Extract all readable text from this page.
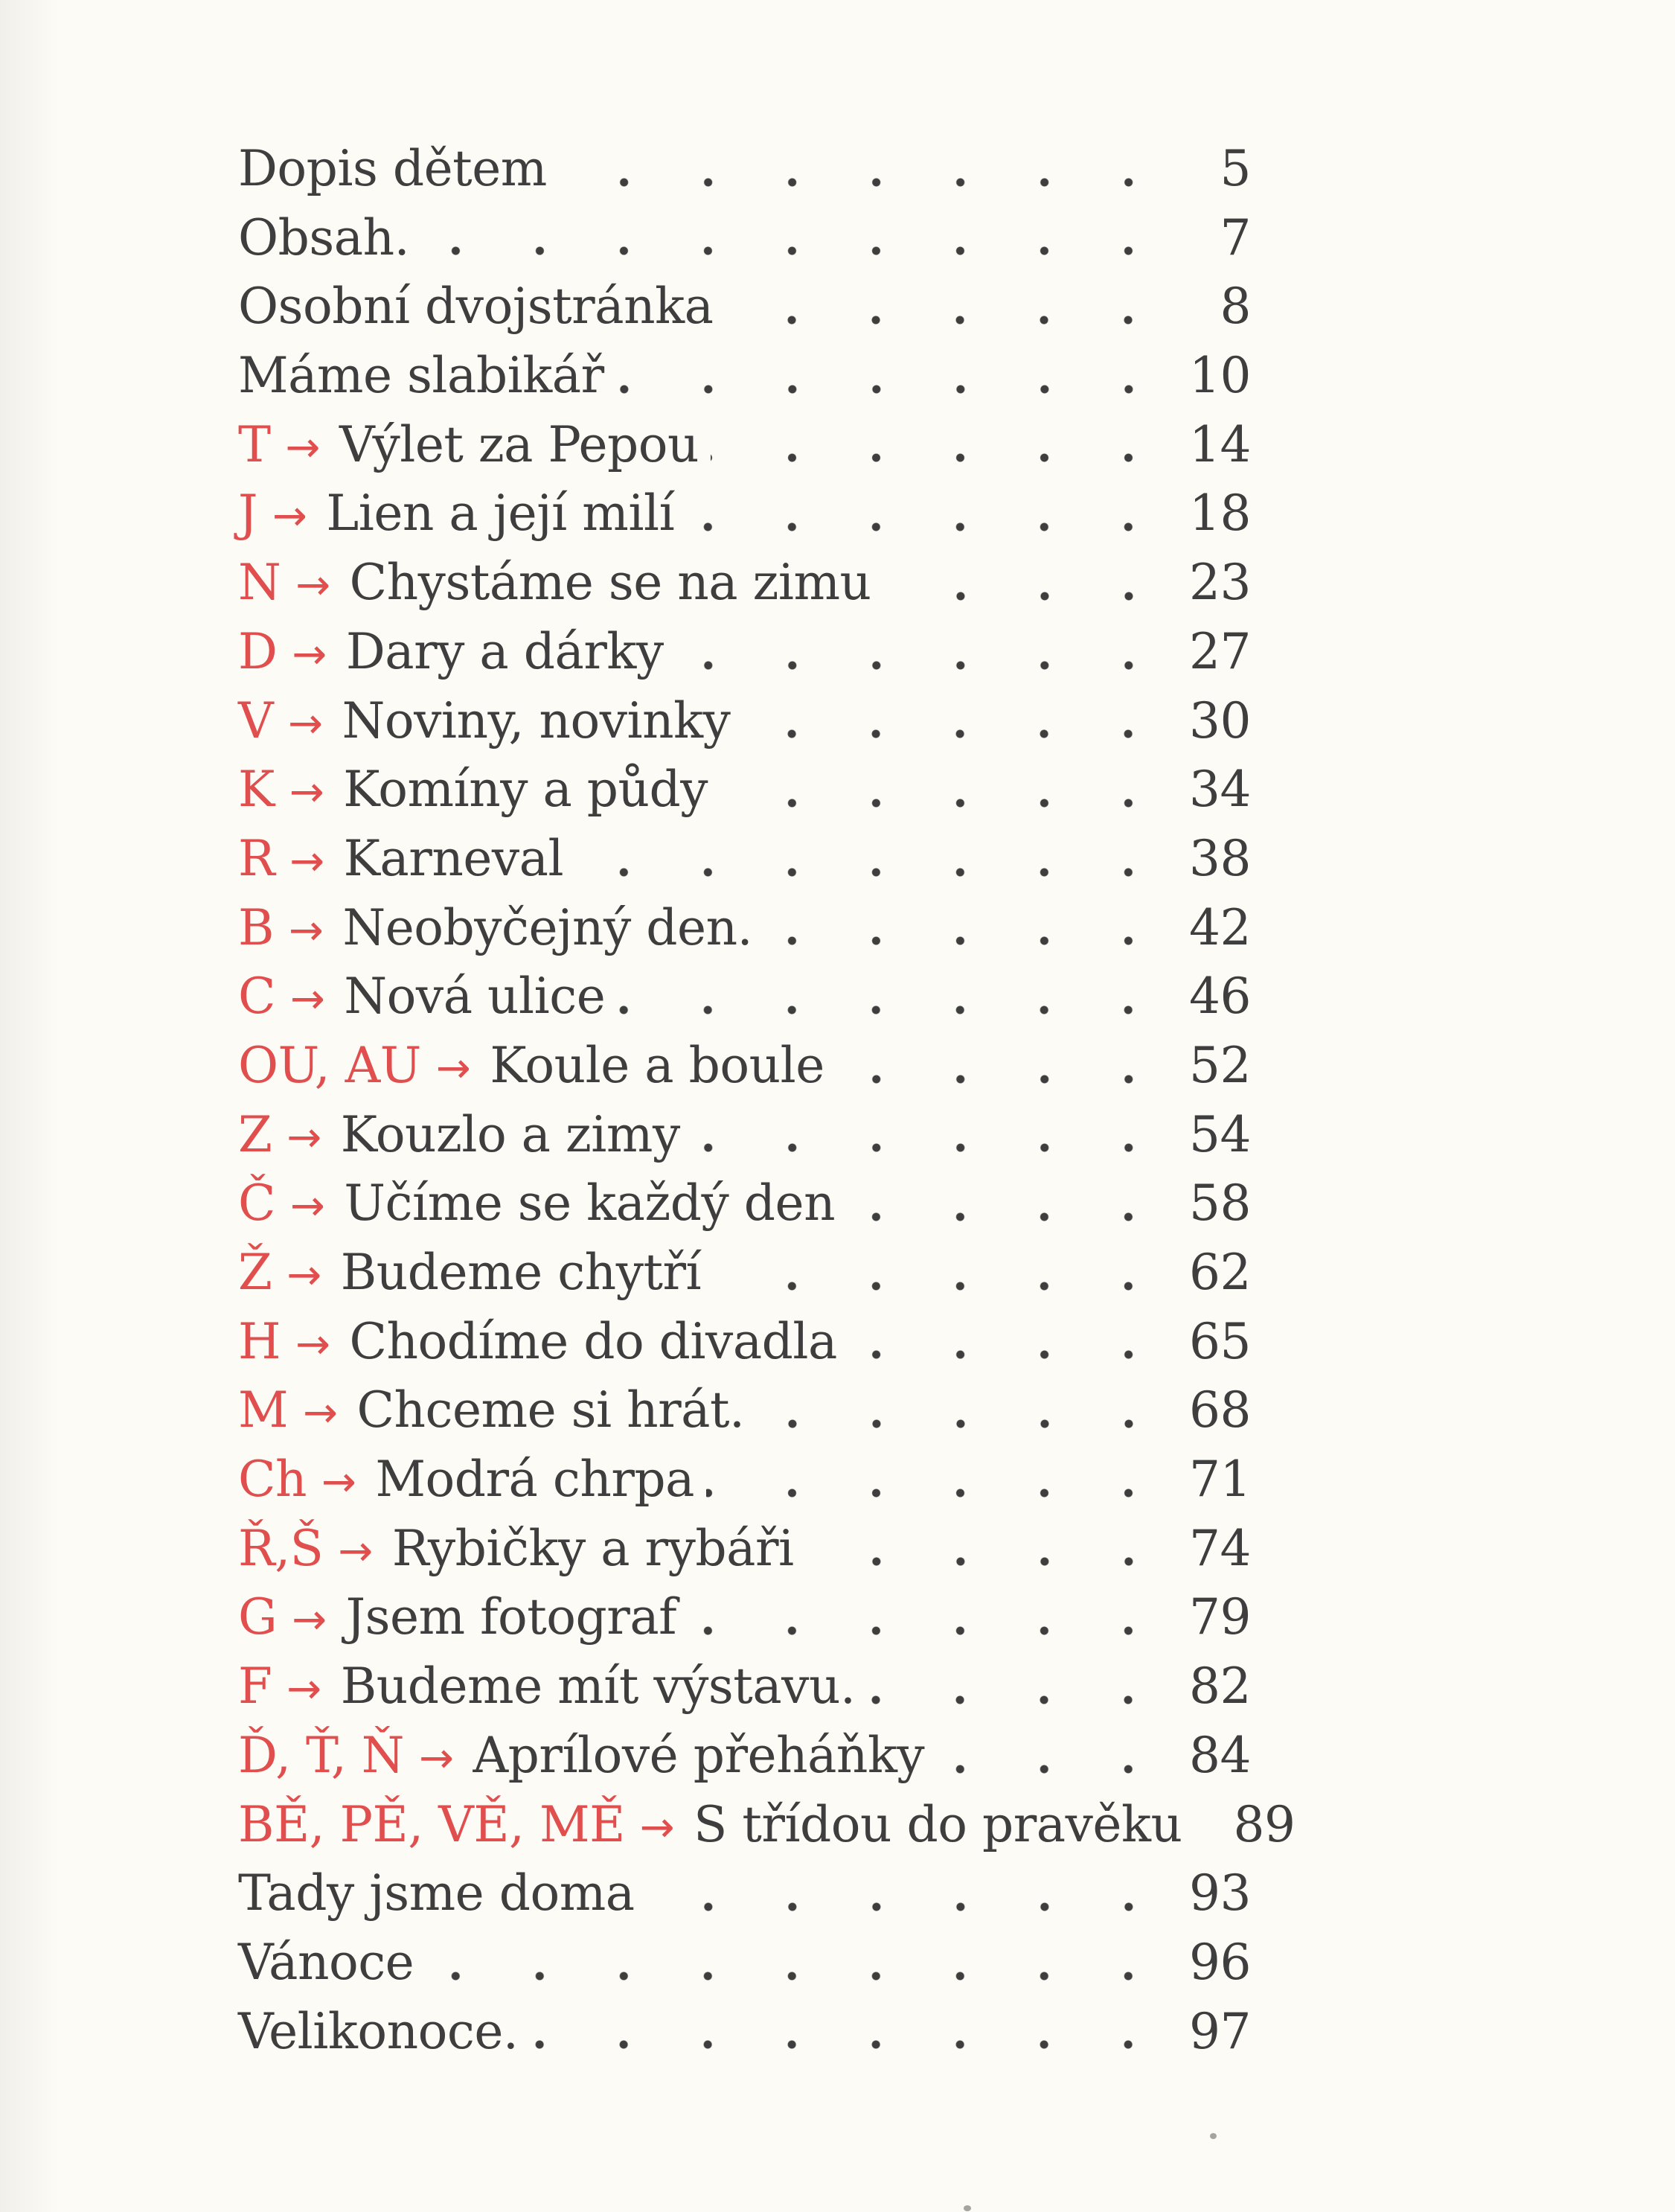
Dopis dětem	5
Obsah.	7
Osobní dvojstránka	8
Máme slabikář	10
T → Výlet za Pepou	14
J → Lien a její milí	18
N → Chystáme se na zimu	23
D → Dary a dárky	27
V → Noviny, novinky	30
K → Komíny a půdy	34
R → Karneval	38
B → Neobyčejný den.	42
C → Nová ulice	46
OU, AU → Koule a boule	52
Z → Kouzlo a zimy	54
Č → Učíme se každý den	58
Ž → Budeme chytří	62
H → Chodíme do divadla	65
M → Chceme si hrát.	68
Ch → Modrá chrpa	71
Ř,Š → Rybičky a rybáři	74
G → Jsem fotograf	79
F → Budeme mít výstavu.	82
Ď, Ť, Ň → Aprílové přeháňky	84
BĚ, PĚ, VĚ, MĚ → S třídou do pravěku 89
Tady jsme doma	93
Vánoce	96
Velikonoce.	97
